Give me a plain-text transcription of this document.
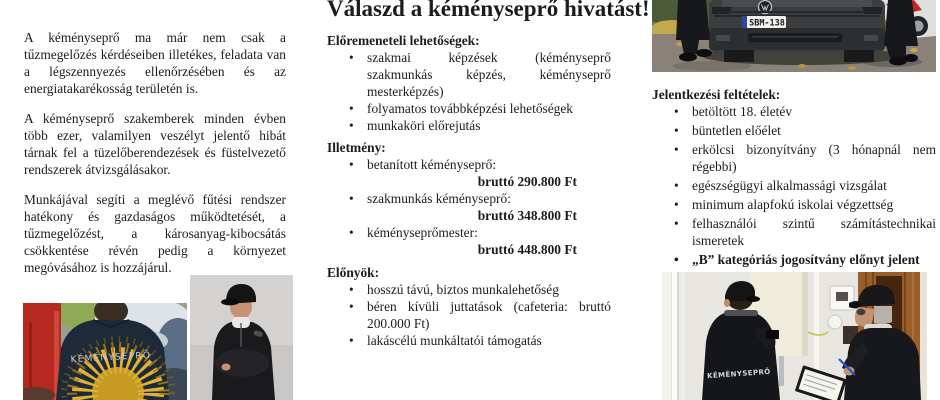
A kéményseprő ma már nem csak a tűzmegelőzés kérdéseiben illetékes, feladata van a légszennyezés ellenőrzésében és az energiatakarékosság területén is.

A kéményseprő szakemberek minden évben több ezer, valamilyen veszélyt jelentő hibát tárnak fel a tüzelőberendezések és füstelvezető rendszerek átvizsgálásakor.

Munkájával segíti a meglévő fűtési rendszer hatékony és gazdaságos működtetését, a tűzmegelőzést, a károsanyag-kibocsátás csökkentése révén pedig a környezet megóvásához is hozzájárul.

Válaszd a kéményseprő hivatást!
Előremeneteli lehetőségek:
• szakmai képzések (kéményseprő szakmunkás képzés, kéményseprő mesterképzés)
• folyamatos továbbképzési lehetőségek
• munkaköri előrejutás
Illetmény:
• betanított kéményseprő:
bruttó 290.800 Ft
• szakmunkás kéményseprő:
bruttó 348.800 Ft
• kéményseprőmester:
bruttó 448.800 Ft
Előnyök:
• hosszú távú, biztos munkalehetőség
• béren kívüli juttatások (cafeteria: bruttó 200.000 Ft)
• lakáscélú munkáltatói támogatás
SBM-138
Jelentkezési feltételek:
• betöltött 18. életév
• büntetlen előélet
• erkölcsi bizonyítvány (3 hónapnál nem régebbi)
• egészségügyi alkalmassági vizsgálat
• minimum alapfokú iskolai végzettség
• felhasználói szintű számítástechnikai ismeretek
• „B” kategóriás jogosítvány előnyt jelent
KÉMÉNYSEPRŐ
KÉMÉNYSEPRŐ
